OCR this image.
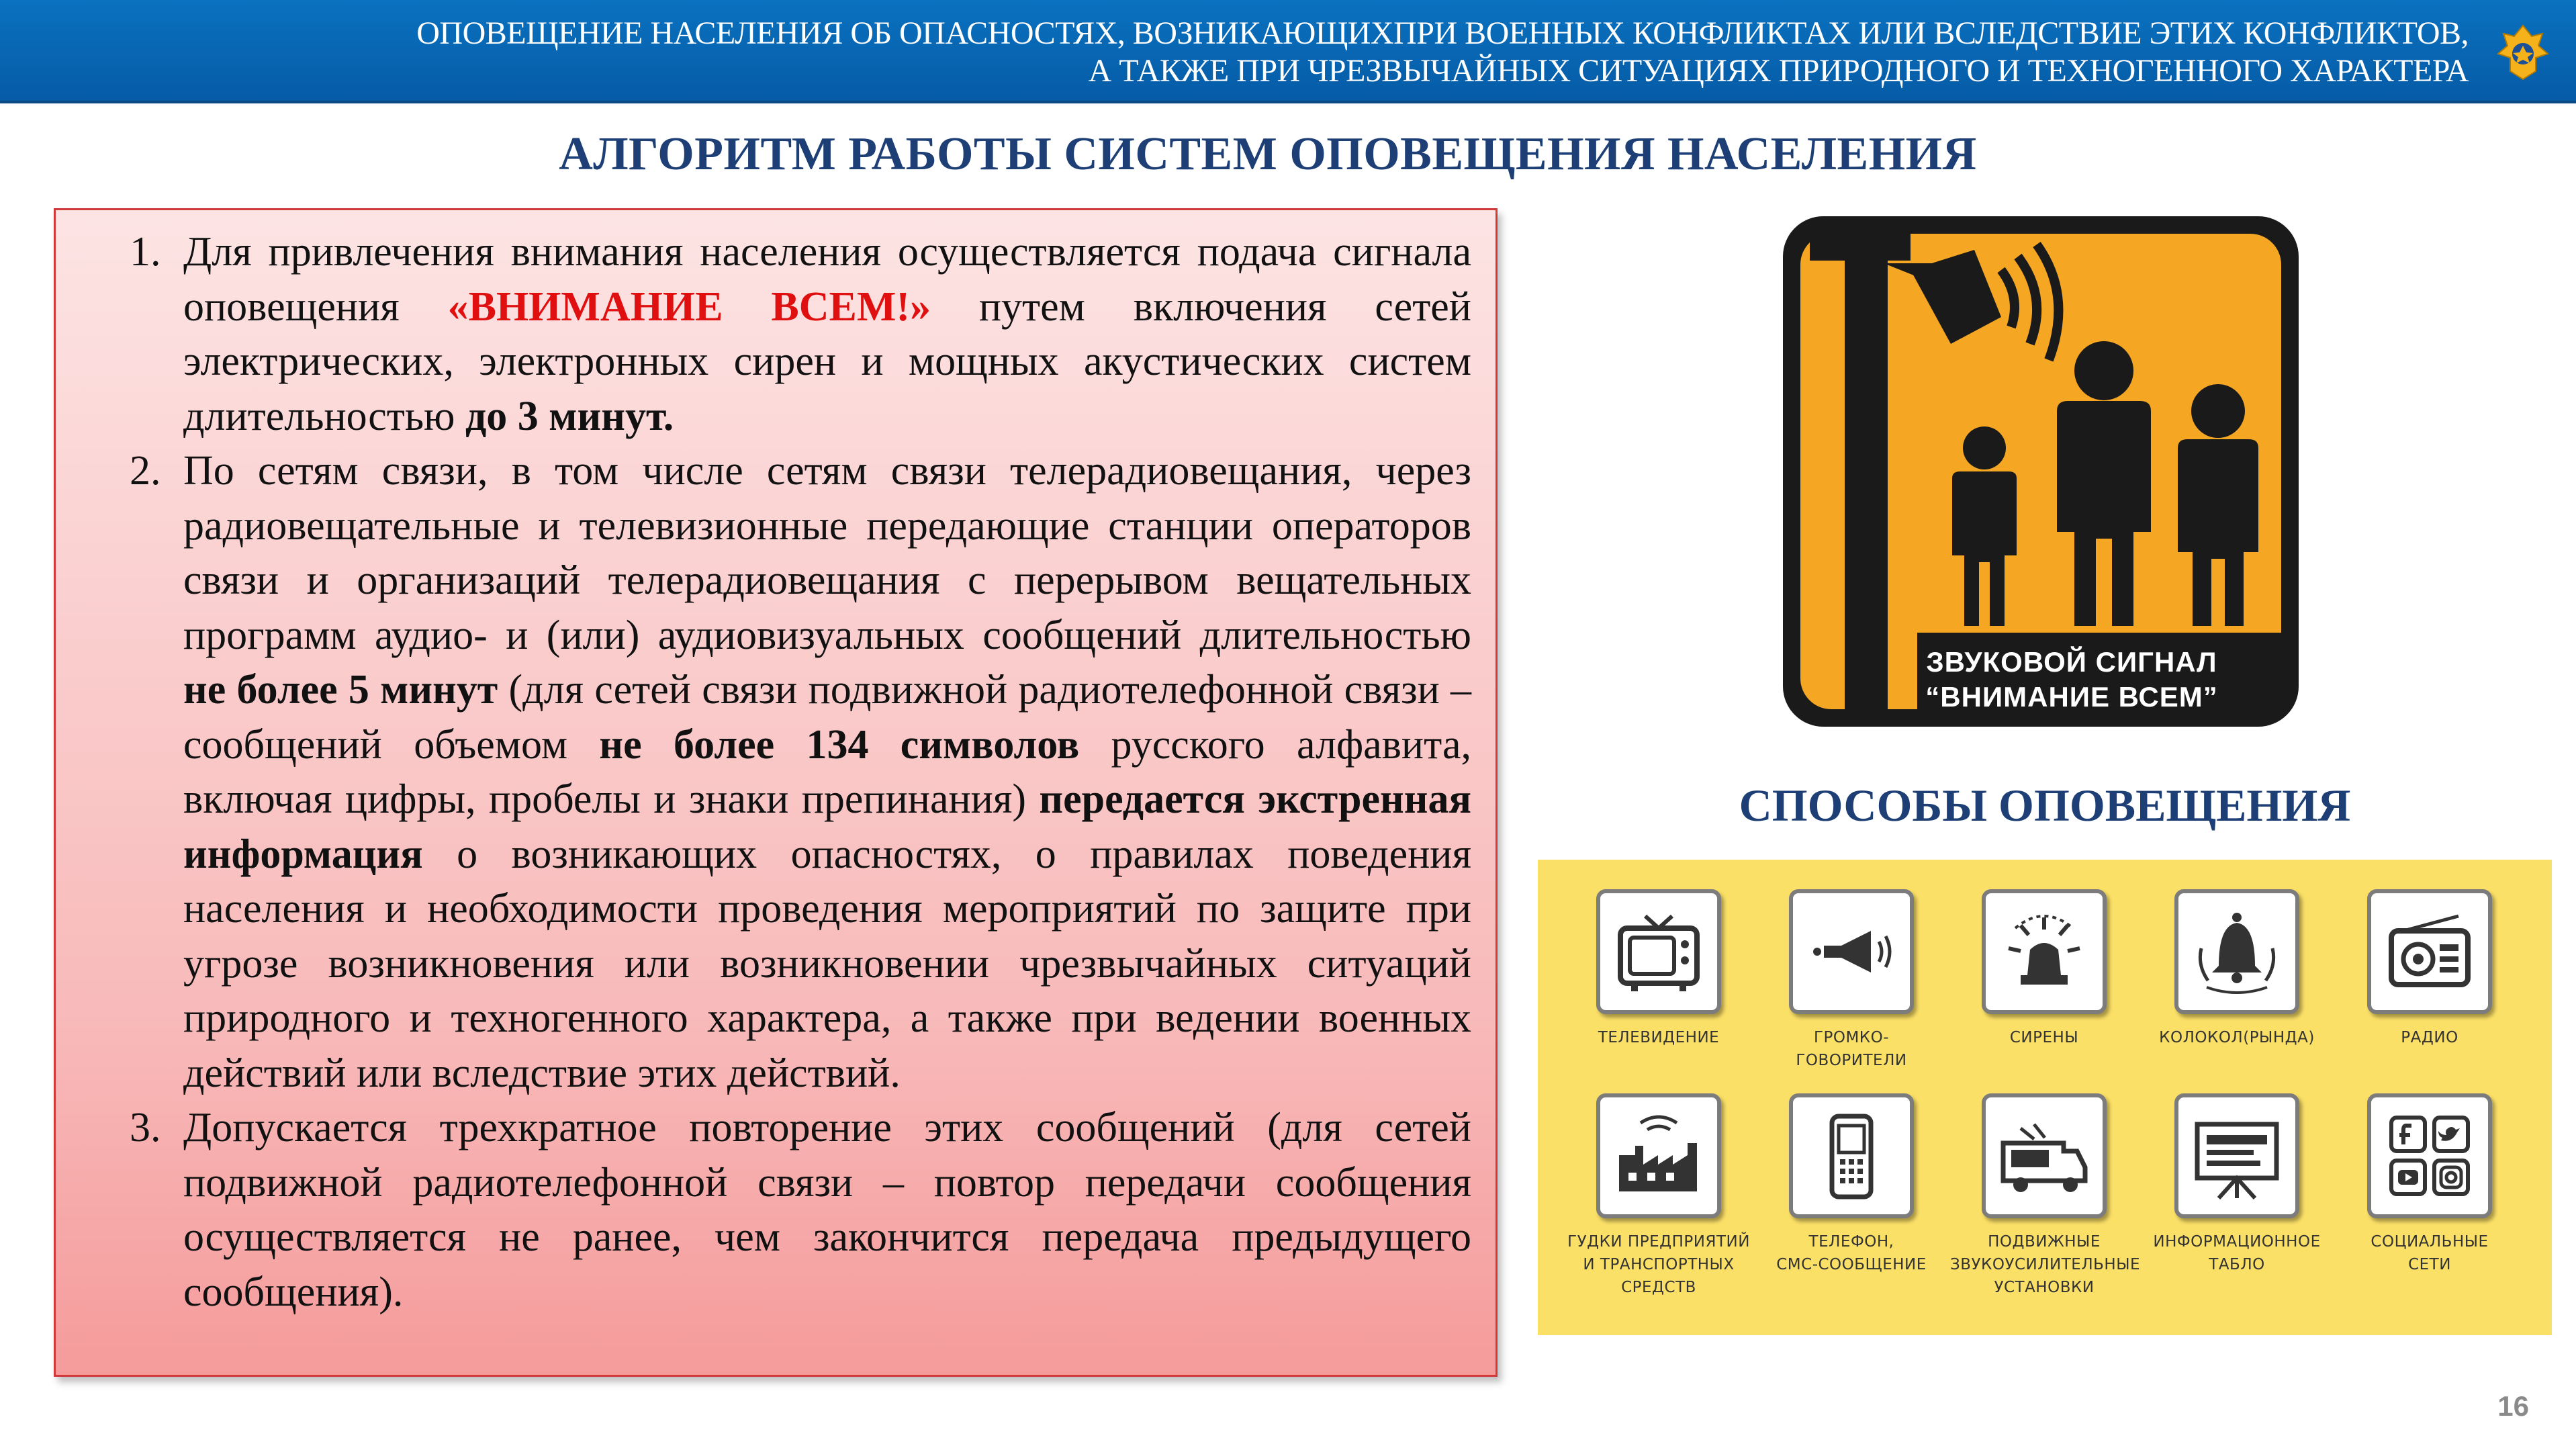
ОПОВЕЩЕНИЕ НАСЕЛЕНИЯ ОБ ОПАСНОСТЯХ, ВОЗНИКАЮЩИХПРИ ВОЕННЫХ КОНФЛИКТАХ ИЛИ ВСЛЕДСТВИЕ ЭТИХ КОНФЛИКТОВ,
А ТАКЖЕ ПРИ ЧРЕЗВЫЧАЙНЫХ СИТУАЦИЯХ ПРИРОДНОГО И ТЕХНОГЕННОГО ХАРАКТЕРА
АЛГОРИТМ РАБОТЫ СИСТЕМ ОПОВЕЩЕНИЯ НАСЕЛЕНИЯ
1. Для привлечения внимания населения осуществляется подача сигнала оповещения «ВНИМАНИЕ ВСЕМ!» путем включения сетей электрических, электронных сирен и мощных акустических систем длительностью до 3 минут.

2. По сетям связи, в том числе сетям связи телерадиовещания, через радиовещательные и телевизионные передающие станции операторов связи и организаций телерадиовещания с перерывом вещательных программ аудио- и (или) аудиовизуальных сообщений длительностью не более 5 минут (для сетей связи подвижной радиотелефонной связи – сообщений объемом не более 134 символов русского алфавита, включая цифры, пробелы и знаки препинания) передается экстренная информация о возникающих опасностях, о правилах поведения населения и необходимости проведения мероприятий по защите при угрозе возникновения или возникновении чрезвычайных ситуаций природного и техногенного характера, а также при ведении военных действий или вследствие этих действий.

3. Допускается трехкратное повторение этих сообщений (для сетей подвижной радиотелефонной связи – повтор передачи сообщения осуществляется не ранее, чем закончится передача предыдущего сообщения).

ЗВУКОВОЙ СИГНАЛ
“ВНИМАНИЕ ВСЕМ”
СПОСОБЫ ОПОВЕЩЕНИЯ
ТЕЛЕВИДЕНИЕ	ГРОМКО-
ГОВОРИТЕЛИ
СИРЕНЫ	КОЛОКОЛ(РЫНДА)	РАДИО
ГУДКИ ПРЕДПРИЯТИЙ
И ТРАНСПОРТНЫХ
СРЕДСТВ
ТЕЛЕФОН,
СМС-СООБЩЕНИЕ
ПОДВИЖНЫЕ
ЗВУКОУСИЛИТЕЛЬНЫЕ
УСТАНОВКИ
ИНФОРМАЦИОННОЕ
ТАБЛО
СОЦИАЛЬНЫЕ
СЕТИ
16
